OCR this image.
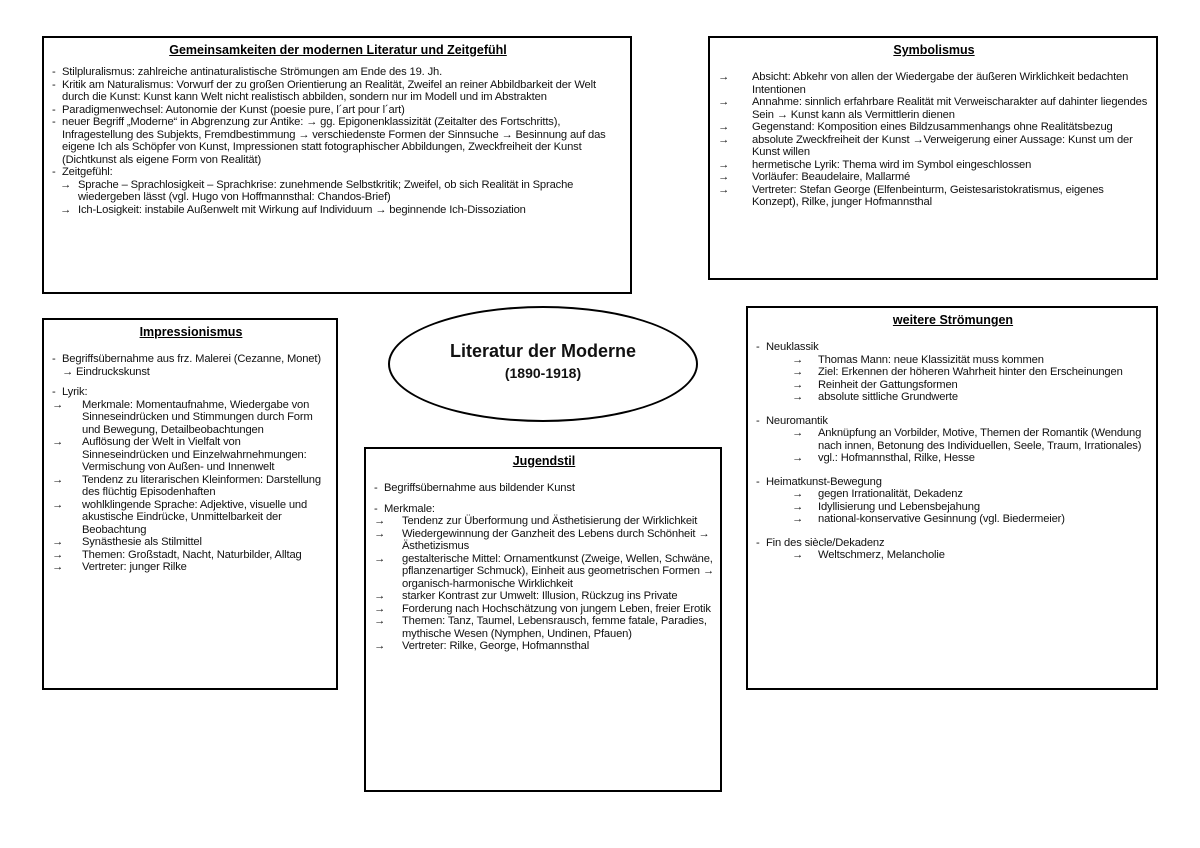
Gemeinsamkeiten der modernen Literatur und Zeitgefühl
- Stilpluralismus: zahlreiche antinaturalistische Strömungen am Ende des 19. Jh.
- Kritik am Naturalismus: Vorwurf der zu großen Orientierung an Realität, Zweifel an reiner Abbildbarkeit der Welt durch die Kunst: Kunst kann Welt nicht realistisch abbilden, sondern nur im Modell und im Abstrakten
- Paradigmenwechsel: Autonomie der Kunst (poesie pure, l´art pour l´art)
- neuer Begriff „Moderne“ in Abgrenzung zur Antike: → gg. Epigonenklassizität (Zeitalter des Fortschritts), Infragestellung des Subjekts, Fremdbestimmung → verschiedenste Formen der Sinnsuche → Besinnung auf das eigene Ich als Schöpfer von Kunst, Impressionen statt fotographischer Abbildungen, Zweckfreiheit der Kunst (Dichtkunst als eigene Form von Realität)
- Zeitgefühl:
→ Sprache – Sprachlosigkeit – Sprachkrise: zunehmende Selbstkritik; Zweifel, ob sich Realität in Sprache wiedergeben lässt (vgl. Hugo von Hoffmannsthal: Chandos-Brief)
→ Ich-Losigkeit: instabile Außenwelt mit Wirkung auf Individuum → beginnende Ich-Dissoziation
Symbolismus
→ Absicht: Abkehr von allen der Wiedergabe der äußeren Wirklichkeit bedachten Intentionen
→ Annahme: sinnlich erfahrbare Realität mit Verweischarakter auf dahinter liegendes Sein → Kunst kann als Vermittlerin dienen
→ Gegenstand: Komposition eines Bildzusammenhangs ohne Realitätsbezug
→ absolute Zweckfreiheit der Kunst →Verweigerung einer Aussage: Kunst um der Kunst willen
→ hermetische Lyrik: Thema wird im Symbol eingeschlossen
→ Vorläufer: Beaudelaire, Mallarmé
→ Vertreter: Stefan George (Elfenbeinturm, Geistesaristokratismus, eigenes Konzept), Rilke, junger Hofmannsthal
Literatur der Moderne
(1890-1918)
Impressionismus
- Begriffsübernahme aus frz. Malerei (Cezanne, Monet) → Eindruckskunst
- Lyrik:
→ Merkmale: Momentaufnahme, Wiedergabe von Sinneseindrücken und Stimmungen durch Form und Bewegung, Detailbeobachtungen
→ Auflösung der Welt in Vielfalt von Sinneseindrücken und Einzelwahrnehmungen: Vermischung von Außen- und Innenwelt
→ Tendenz zu literarischen Kleinformen: Darstellung des flüchtig Episodenhaften
→ wohlklingende Sprache: Adjektive, visuelle und akustische Eindrücke, Unmittelbarkeit der Beobachtung
→ Synästhesie als Stilmittel
→ Themen: Großstadt, Nacht, Naturbilder, Alltag
→ Vertreter: junger Rilke
Jugendstil
- Begriffsübernahme aus bildender Kunst
- Merkmale:
→ Tendenz zur Überformung und Ästhetisierung der Wirklichkeit
→ Wiedergewinnung der Ganzheit des Lebens durch Schönheit → Ästhetizismus
→ gestalterische Mittel: Ornamentkunst (Zweige, Wellen, Schwäne, pflanzenartiger Schmuck), Einheit aus geometrischen Formen → organisch-harmonische Wirklichkeit
→ starker Kontrast zur Umwelt: Illusion, Rückzug ins Private
→ Forderung nach Hochschätzung von jungem Leben, freier Erotik
→ Themen: Tanz, Taumel, Lebensrausch, femme fatale, Paradies, mythische Wesen (Nymphen, Undinen, Pfauen)
→ Vertreter: Rilke, George, Hofmannsthal
weitere Strömungen
- Neuklassik
→ Thomas Mann: neue Klassizität muss kommen
→ Ziel: Erkennen der höheren Wahrheit hinter den Erscheinungen
→ Reinheit der Gattungsformen
→ absolute sittliche Grundwerte
- Neuromantik
→ Anknüpfung an Vorbilder, Motive, Themen der Romantik (Wendung nach innen, Betonung des Individuellen, Seele, Traum, Irrationales)
→ vgl.: Hofmannsthal, Rilke, Hesse
- Heimatkunst-Bewegung
→ gegen Irrationalität, Dekadenz
→ Idyllisierung und Lebensbejahung
→ national-konservative Gesinnung (vgl. Biedermeier)
- Fin des siècle/Dekadenz
→ Weltschmerz, Melancholie
